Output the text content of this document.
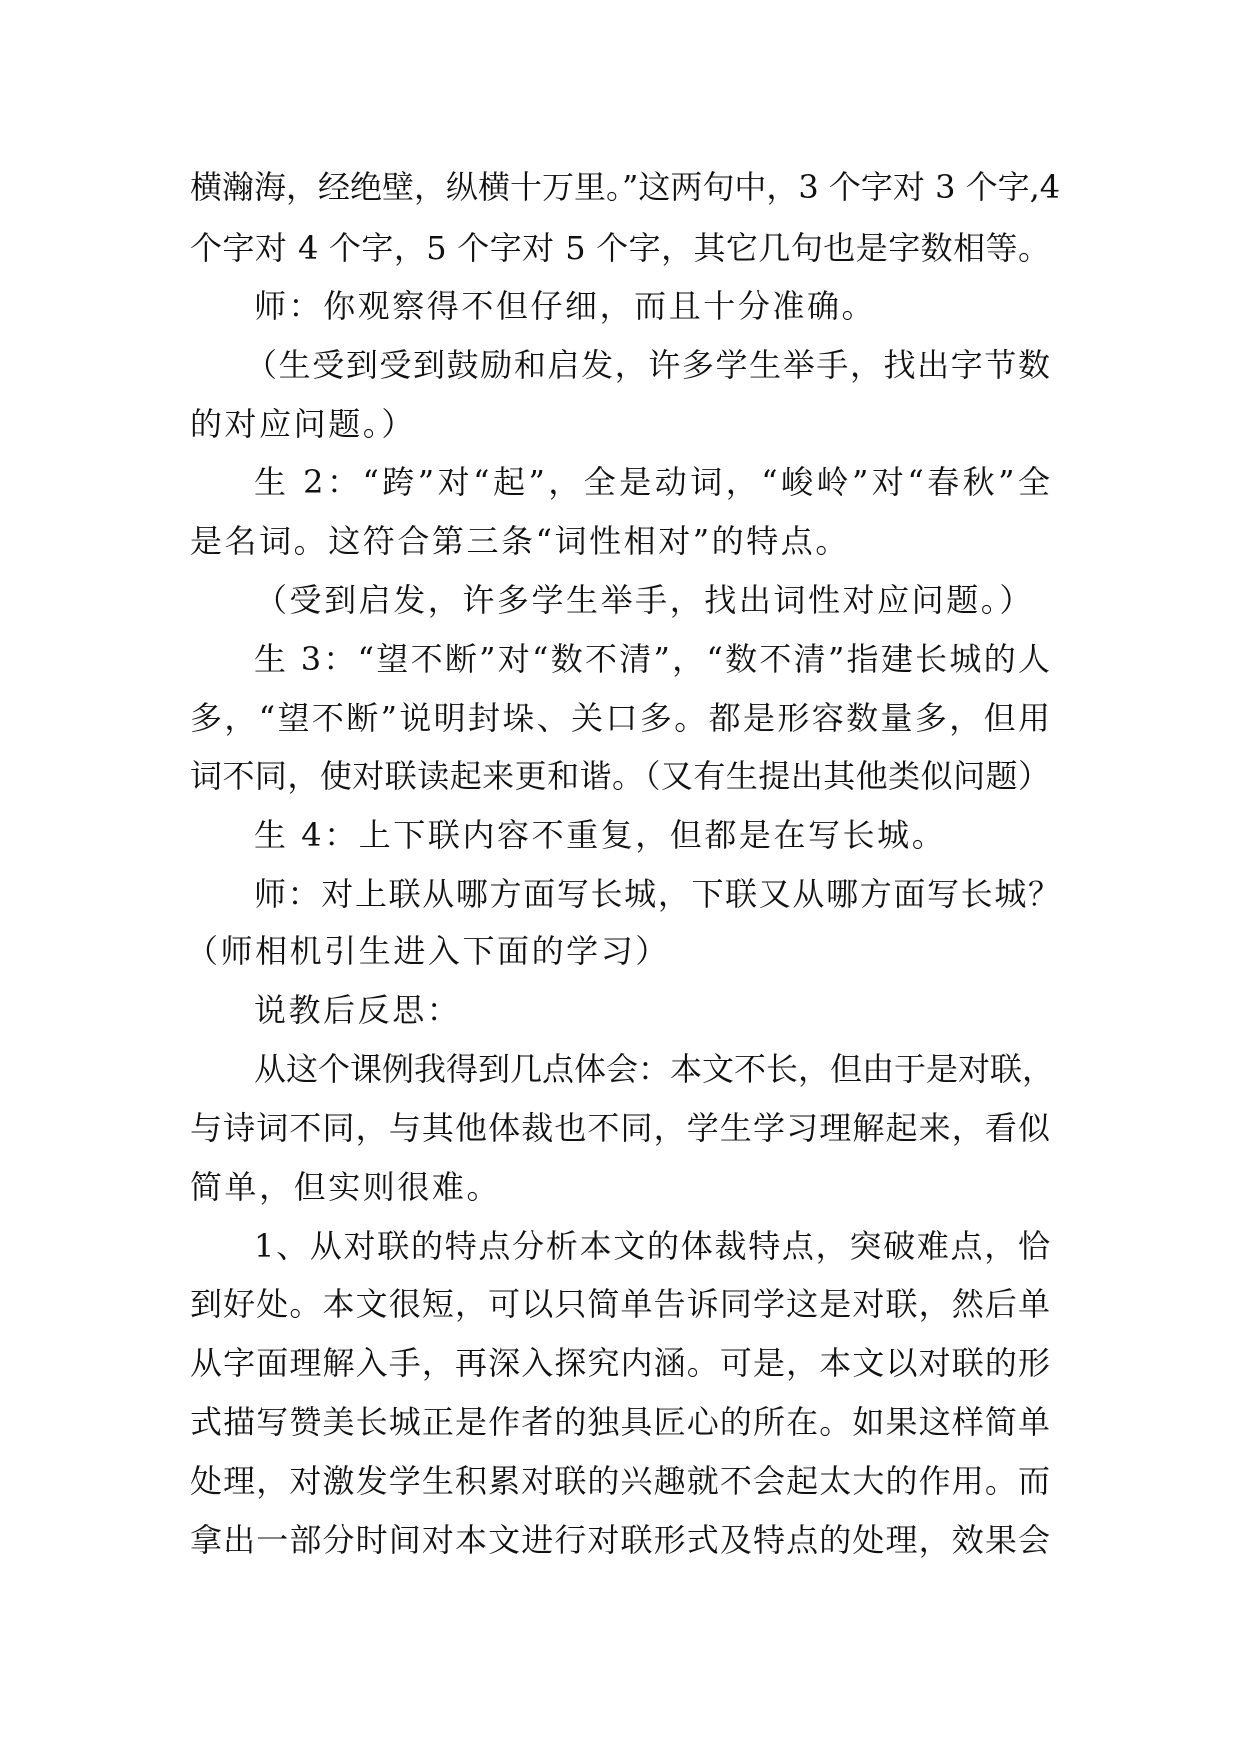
横瀚海，经绝壁，纵横十万里。”这两句中，3 个字对 3 个字,4
个字对 4 个字，5 个字对 5 个字，其它几句也是字数相等。
师：你观察得不但仔细，而且十分准确。
（生受到受到鼓励和启发，许多学生举手，找出字节数
的对应问题。）
生 2：“跨”对“起”，全是动词，“峻岭”对“春秋”全
是名词。这符合第三条“词性相对”的特点。
（受到启发，许多学生举手，找出词性对应问题。）
生 3：“望不断”对“数不清”，“数不清”指建长城的人
多，“望不断”说明封垛、关口多。都是形容数量多，但用
词不同，使对联读起来更和谐。（又有生提出其他类似问题）
生 4：上下联内容不重复，但都是在写长城。
师：对上联从哪方面写长城，下联又从哪方面写长城？
（师相机引生进入下面的学习）
说教后反思：
从这个课例我得到几点体会：本文不长，但由于是对联，
与诗词不同，与其他体裁也不同，学生学习理解起来，看似
简单，但实则很难。
1、从对联的特点分析本文的体裁特点，突破难点，恰
到好处。本文很短，可以只简单告诉同学这是对联，然后单
从字面理解入手，再深入探究内涵。可是，本文以对联的形
式描写赞美长城正是作者的独具匠心的所在。如果这样简单
处理，对激发学生积累对联的兴趣就不会起太大的作用。而
拿出一部分时间对本文进行对联形式及特点的处理，效果会
